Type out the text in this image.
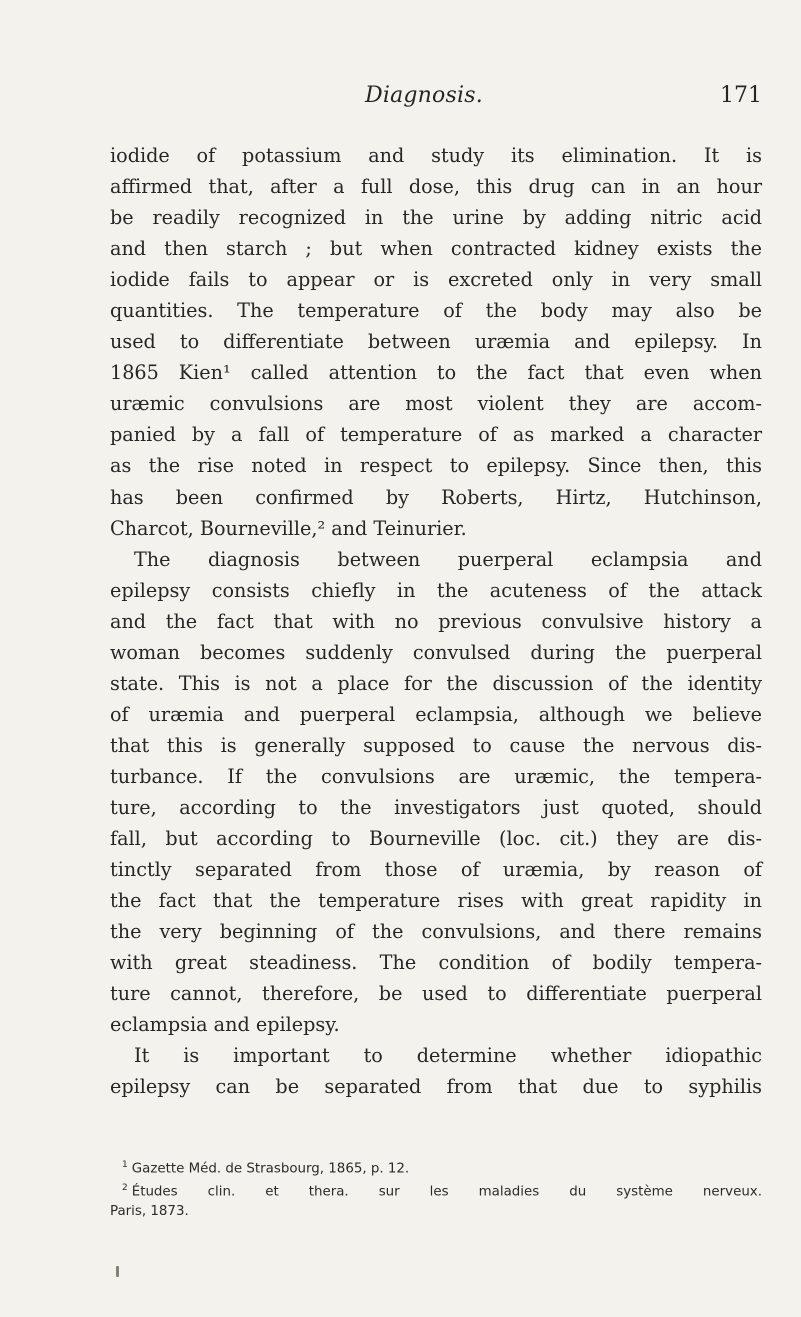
Diagnosis.	171
iodide of potassium and study its elimination. It is
affirmed that, after a full dose, this drug can in an hour
be readily recognized in the urine by adding nitric acid
and then starch ; but when contracted kidney exists the
iodide fails to appear or is excreted only in very small
quantities. The temperature of the body may also be
used to differentiate between uræmia and epilepsy. In
1865 Kien¹ called attention to the fact that even when
uræmic convulsions are most violent they are accom-
panied by a fall of temperature of as marked a character
as the rise noted in respect to epilepsy. Since then, this
has been confirmed by Roberts, Hirtz, Hutchinson,
Charcot, Bourneville,² and Teinurier.
The diagnosis between puerperal eclampsia and
epilepsy consists chiefly in the acuteness of the attack
and the fact that with no previous convulsive history a
woman becomes suddenly convulsed during the puerperal
state. This is not a place for the discussion of the identity
of uræmia and puerperal eclampsia, although we believe
that this is generally supposed to cause the nervous dis-
turbance. If the convulsions are uræmic, the tempera-
ture, according to the investigators just quoted, should
fall, but according to Bourneville (loc. cit.) they are dis-
tinctly separated from those of uræmia, by reason of
the fact that the temperature rises with great rapidity in
the very beginning of the convulsions, and there remains
with great steadiness. The condition of bodily tempera-
ture cannot, therefore, be used to differentiate puerperal
eclampsia and epilepsy.
It is important to determine whether idiopathic
epilepsy can be separated from that due to syphilis
$^1$ Gazette Méd. de Strasbourg, 1865, p. 12.
$^2$ Études clin. et thera. sur les maladies du système nerveux.
Paris, 1873.
